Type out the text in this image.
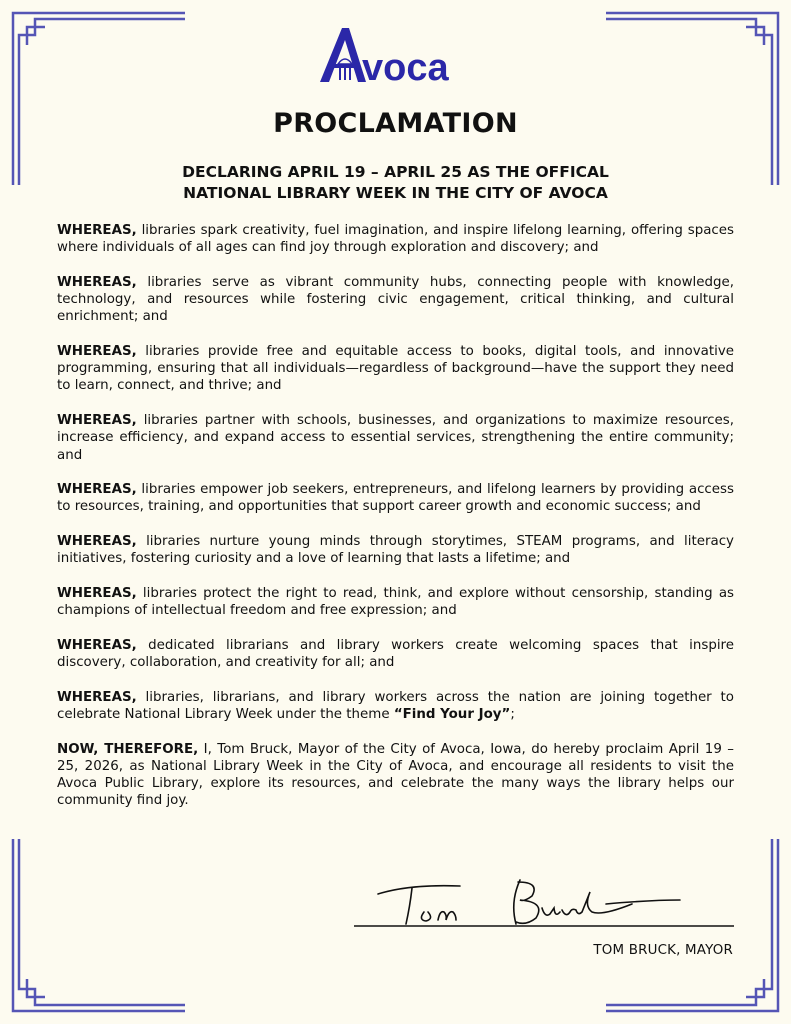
voca
PROCLAMATION
DECLARING APRIL 19 – APRIL 25 AS THE OFFICAL
NATIONAL LIBRARY WEEK IN THE CITY OF AVOCA

WHEREAS, libraries spark creativity, fuel imagination, and inspire lifelong learning, offering spaces where individuals of all ages can find joy through exploration and discovery; and

WHEREAS, libraries serve as vibrant community hubs, connecting people with knowledge, technology, and resources while fostering civic engagement, critical thinking, and cultural enrichment; and

WHEREAS, libraries provide free and equitable access to books, digital tools, and innovative programming, ensuring that all individuals—regardless of background—have the support they need to learn, connect, and thrive; and

WHEREAS, libraries partner with schools, businesses, and organizations to maximize resources, increase efficiency, and expand access to essential services, strengthening the entire community; and

WHEREAS, libraries empower job seekers, entrepreneurs, and lifelong learners by providing access to resources, training, and opportunities that support career growth and economic success; and

WHEREAS, libraries nurture young minds through storytimes, STEAM programs, and literacy initiatives, fostering curiosity and a love of learning that lasts a lifetime; and

WHEREAS, libraries protect the right to read, think, and explore without censorship, standing as champions of intellectual freedom and free expression; and

WHEREAS, dedicated librarians and library workers create welcoming spaces that inspire discovery, collaboration, and creativity for all; and

WHEREAS, libraries, librarians, and library workers across the nation are joining together to celebrate National Library Week under the theme “Find Your Joy”;

NOW, THEREFORE, I, Tom Bruck, Mayor of the City of Avoca, Iowa, do hereby proclaim April 19 – 25, 2026, as National Library Week in the City of Avoca, and encourage all residents to visit the Avoca Public Library, explore its resources, and celebrate the many ways the library helps our community find joy.

TOM BRUCK, MAYOR
